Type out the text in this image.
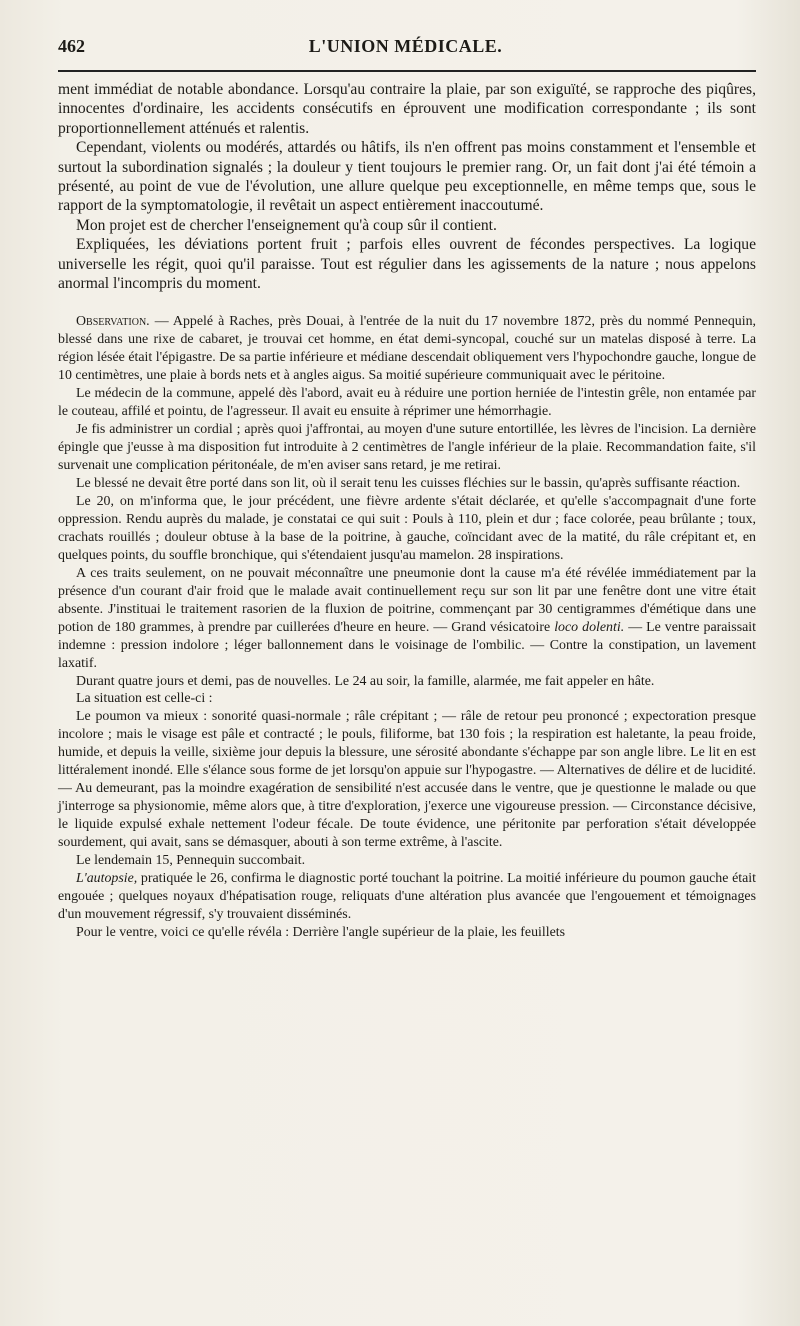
462	L'UNION MÉDICALE.

ment immédiat de notable abondance. Lorsqu'au contraire la plaie, par son exiguïté, se rapproche des piqûres, innocentes d'ordinaire, les accidents consécutifs en éprouvent une modification correspondante ; ils sont proportionnellement atténués et ralentis.

Cependant, violents ou modérés, attardés ou hâtifs, ils n'en offrent pas moins constamment et l'ensemble et surtout la subordination signalés ; la douleur y tient toujours le premier rang. Or, un fait dont j'ai été témoin a présenté, au point de vue de l'évolution, une allure quelque peu exceptionnelle, en même temps que, sous le rapport de la symptomatologie, il revêtait un aspect entièrement inaccoutumé.

Mon projet est de chercher l'enseignement qu'à coup sûr il contient.

Expliquées, les déviations portent fruit ; parfois elles ouvrent de fécondes perspectives. La logique universelle les régit, quoi qu'il paraisse. Tout est régulier dans les agissements de la nature ; nous appelons anormal l'incompris du moment.

Observation. — Appelé à Raches, près Douai, à l'entrée de la nuit du 17 novembre 1872, près du nommé Pennequin, blessé dans une rixe de cabaret, je trouvai cet homme, en état demi-syncopal, couché sur un matelas disposé à terre. La région lésée était l'épigastre. De sa partie inférieure et médiane descendait obliquement vers l'hypochondre gauche, longue de 10 centimètres, une plaie à bords nets et à angles aigus. Sa moitié supérieure communiquait avec le péritoine.

Le médecin de la commune, appelé dès l'abord, avait eu à réduire une portion herniée de l'intestin grêle, non entamée par le couteau, affilé et pointu, de l'agresseur. Il avait eu ensuite à réprimer une hémorrhagie.

Je fis administrer un cordial ; après quoi j'affrontai, au moyen d'une suture entortillée, les lèvres de l'incision. La dernière épingle que j'eusse à ma disposition fut introduite à 2 centimètres de l'angle inférieur de la plaie. Recommandation faite, s'il survenait une complication péritonéale, de m'en aviser sans retard, je me retirai.

Le blessé ne devait être porté dans son lit, où il serait tenu les cuisses fléchies sur le bassin, qu'après suffisante réaction.

Le 20, on m'informa que, le jour précédent, une fièvre ardente s'était déclarée, et qu'elle s'accompagnait d'une forte oppression. Rendu auprès du malade, je constatai ce qui suit : Pouls à 110, plein et dur ; face colorée, peau brûlante ; toux, crachats rouillés ; douleur obtuse à la base de la poitrine, à gauche, coïncidant avec de la matité, du râle crépitant et, en quelques points, du souffle bronchique, qui s'étendaient jusqu'au mamelon. 28 inspirations.

A ces traits seulement, on ne pouvait méconnaître une pneumonie dont la cause m'a été révélée immédiatement par la présence d'un courant d'air froid que le malade avait continuellement reçu sur son lit par une fenêtre dont une vitre était absente. J'instituai le traitement rasorien de la fluxion de poitrine, commençant par 30 centigrammes d'émétique dans une potion de 180 grammes, à prendre par cuillerées d'heure en heure. — Grand vésicatoire loco dolenti. — Le ventre paraissait indemne : pression indolore ; léger ballonnement dans le voisinage de l'ombilic. — Contre la constipation, un lavement laxatif.

Durant quatre jours et demi, pas de nouvelles. Le 24 au soir, la famille, alarmée, me fait appeler en hâte.

La situation est celle-ci :

Le poumon va mieux : sonorité quasi-normale ; râle crépitant ; — râle de retour peu prononcé ; expectoration presque incolore ; mais le visage est pâle et contracté ; le pouls, filiforme, bat 130 fois ; la respiration est haletante, la peau froide, humide, et depuis la veille, sixième jour depuis la blessure, une sérosité abondante s'échappe par son angle libre. Le lit en est littéralement inondé. Elle s'élance sous forme de jet lorsqu'on appuie sur l'hypogastre. — Alternatives de délire et de lucidité. — Au demeurant, pas la moindre exagération de sensibilité n'est accusée dans le ventre, que je questionne le malade ou que j'interroge sa physionomie, même alors que, à titre d'exploration, j'exerce une vigoureuse pression. — Circonstance décisive, le liquide expulsé exhale nettement l'odeur fécale. De toute évidence, une péritonite par perforation s'était développée sourdement, qui avait, sans se démasquer, abouti à son terme extrême, à l'ascite.

Le lendemain 15, Pennequin succombait.

L'autopsie, pratiquée le 26, confirma le diagnostic porté touchant la poitrine. La moitié inférieure du poumon gauche était engouée ; quelques noyaux d'hépatisation rouge, reliquats d'une altération plus avancée que l'engouement et témoignages d'un mouvement régressif, s'y trouvaient disséminés.

Pour le ventre, voici ce qu'elle révéla : Derrière l'angle supérieur de la plaie, les feuillets
